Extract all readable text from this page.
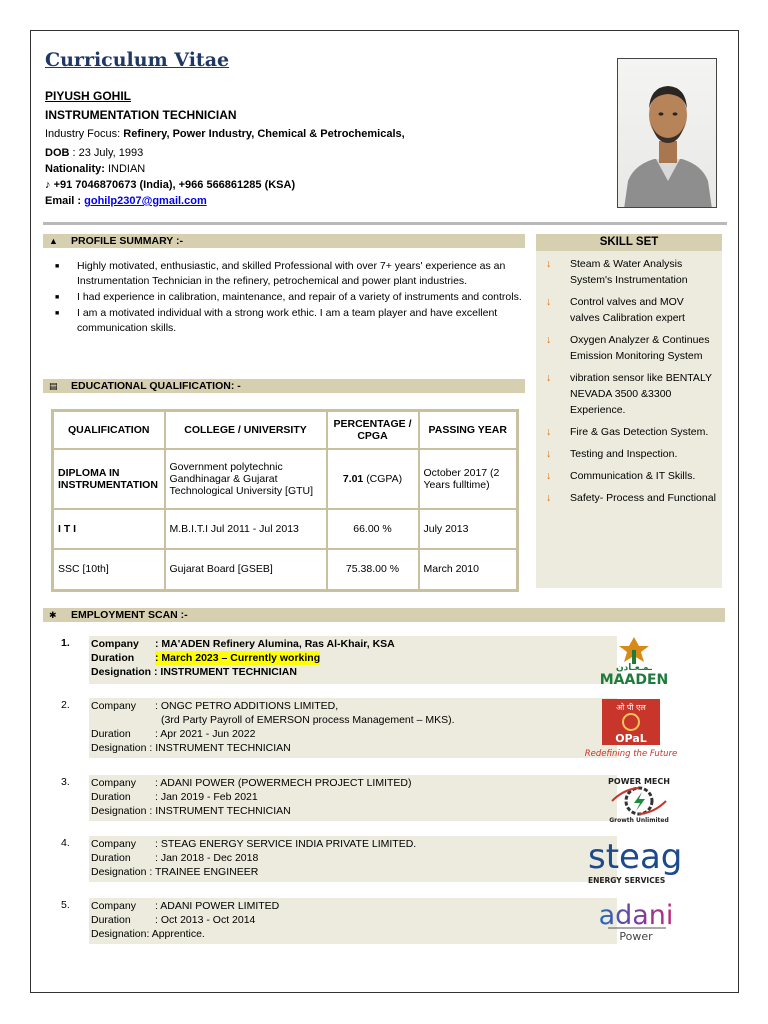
Curriculum Vitae
PIYUSH GOHIL
INSTRUMENTATION TECHNICIAN
Industry Focus: Refinery, Power Industry, Chemical & Petrochemicals,
DOB : 23 July, 1993
Nationality: INDIAN
♪ +91 7046870673 (India), +966 566861285 (KSA)
Email : gohilp2307@gmail.com
▲ PROFILE SUMMARY :-
■ Highly motivated, enthusiastic, and skilled Professional with over 7+ years' experience as an Instrumentation Technician in the refinery, petrochemical and power plant industries.
■ I had experience in calibration, maintenance, and repair of a variety of instruments and controls.
■ I am a motivated individual with a strong work ethic. I am a team player and have excellent communication skills.
▤	EDUCATIONAL QUALIFICATION: -
QUALIFICATION	COLLEGE / UNIVERSITY	PERCENTAGE / CPGA	PASSING YEAR
DIPLOMA IN INSTRUMENTATION	Government polytechnic Gandhinagar & Gujarat Technological University [GTU]	7.01 (CGPA)	October 2017 (2 Years fulltime)
I T I	M.B.I.T.I Jul 2011 - Jul 2013	66.00 %	July 2013
SSC [10th]	Gujarat Board [GSEB]	75.38.00 %	March 2010
SKILL SET
↓	Steam & Water Analysis System's Instrumentation
↓	Control valves and MOV valves Calibration expert
↓	Oxygen Analyzer & Continues Emission Monitoring System
↓	vibration sensor like BENTALY NEVADA 3500 &3300 Experience.
↓	Fire & Gas Detection System.
↓	Testing and Inspection.
↓	Communication & IT Skills.
↓	Safety- Process and Functional
✱	EMPLOYMENT SCAN :-
1. Company	: MA'ADEN Refinery Alumina, Ras Al-Khair, KSA
Duration	: March 2023 – Currently working
Designation
: INSTRUMENT TECHNICIAN	ـمـعـادن
MAADEN
2. Company	: ONGC PETRO ADDITIONS LIMITED,
(3rd Party Payroll of EMERSON process Management – MKS).
Duration	: Apr 2021 - Jun 2022
Designation
: INSTRUMENT TECHNICIAN
ओ पी एल
OPaL
Redefining the Future
3. Company	: ADANI POWER (POWERMECH PROJECT LIMITED)
Duration	: Jan 2019 - Feb 2021
Designation
: INSTRUMENT TECHNICIAN
POWER MECH
Growth Unlimited
4. Company	: STEAG ENERGY SERVICE INDIA PRIVATE LIMITED.
Duration	: Jan 2018 - Dec 2018
Designation
: TRAINEE ENGINEER	steag
ENERGY SERVICES
5. Company	: ADANI POWER LIMITED
Duration	: Oct 2013 - Oct 2014
Designation : Apprentice.
adani
Power
